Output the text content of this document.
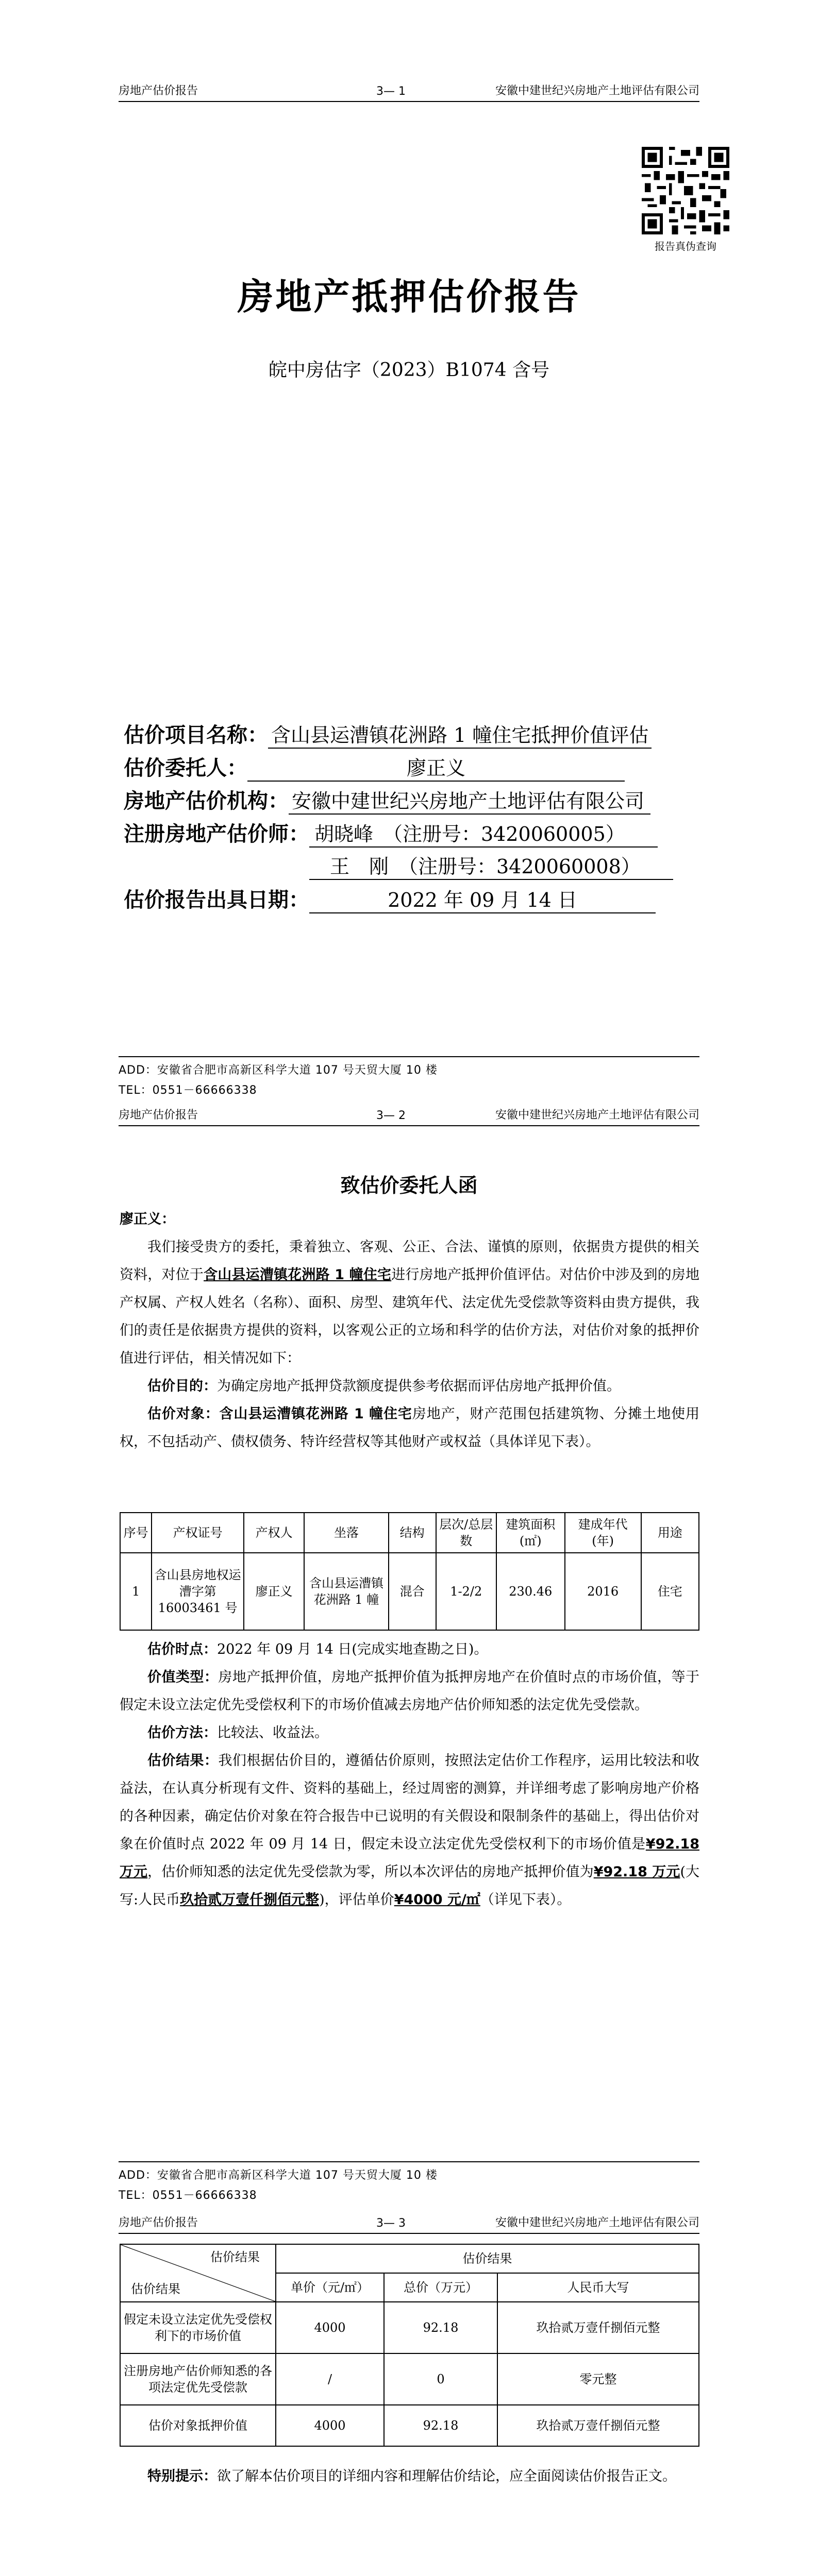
房地产估价报告	3— 1	安徽中建世纪兴房地产土地评估有限公司
报告真伪查询
房地产抵押估价报告
皖中房估字（2023）B1074 含号
估价项目名称： 含山县运漕镇花洲路 1 幢住宅抵押价值评估
估价委托人：	廖正义
房地产估价机构： 安徽中建世纪兴房地产土地评估有限公司
注册房地产估价师： 胡晓峰　（注册号：3420060005）
王　刚　（注册号：3420060008）
估价报告出具日期：	2022 年 09 月 14 日
ADD：安徽省合肥市高新区科学大道 107 号天贸大厦 10 楼
TEL：0551－66666338
房地产估价报告	3— 2	安徽中建世纪兴房地产土地评估有限公司
致估价委托人函

廖正义：

我们接受贵方的委托，秉着独立、客观、公正、合法、谨慎的原则，依据贵方提供的相关资料，对位于含山县运漕镇花洲路 1 幢住宅进行房地产抵押价值评估。对估价中涉及到的房地产权属、产权人姓名（名称）、面积、房型、建筑年代、法定优先受偿款等资料由贵方提供，我们的责任是依据贵方提供的资料，以客观公正的立场和科学的估价方法，对估价对象的抵押价值进行评估，相关情况如下：

估价目的：为确定房地产抵押贷款额度提供参考依据而评估房地产抵押价值。

估价对象：含山县运漕镇花洲路 1 幢住宅房地产，财产范围包括建筑物、分摊土地使用权，不包括动产、债权债务、特许经营权等其他财产或权益（具体详见下表）。

序号	产权证号	产权人	坐落	结构	层次/总层数	建筑面积(㎡)	建成年代(年)	用途
1	含山县房地权运漕字第16003461 号	廖正义	含山县运漕镇花洲路 1 幢	混合	1-2/2	230.46	2016	住宅

估价时点：2022 年 09 月 14 日(完成实地查勘之日)。

价值类型：房地产抵押价值，房地产抵押价值为抵押房地产在价值时点的市场价值，等于假定未设立法定优先受偿权利下的市场价值减去房地产估价师知悉的法定优先受偿款。

估价方法：比较法、收益法。

估价结果：我们根据估价目的，遵循估价原则，按照法定估价工作程序，运用比较法和收益法，在认真分析现有文件、资料的基础上，经过周密的测算，并详细考虑了影响房地产价格的各种因素，确定估价对象在符合报告中已说明的有关假设和限制条件的基础上，得出估价对象在价值时点 2022 年 09 月 14 日，假定未设立法定优先受偿权利下的市场价值是¥92.18 万元，估价师知悉的法定优先受偿款为零，所以本次评估的房地产抵押价值为¥92.18 万元(大写:人民币玖拾贰万壹仟捌佰元整)，评估单价¥4000 元/㎡（详见下表）。

ADD：安徽省合肥市高新区科学大道 107 号天贸大厦 10 楼
TEL：0551－66666338
房地产估价报告	3— 3	安徽中建世纪兴房地产土地评估有限公司
估价结果
估价结果	估价结果		
	单价（元/㎡）	总价（万元）	人民币大写
假定未设立法定优先受偿权利下的市场价值	4000	92.18	玖拾贰万壹仟捌佰元整
注册房地产估价师知悉的各项法定优先受偿款	/	0	零元整
估价对象抵押价值	4000	92.18	玖拾贰万壹仟捌佰元整

特别提示：欲了解本估价项目的详细内容和理解估价结论，应全面阅读估价报告正文。
